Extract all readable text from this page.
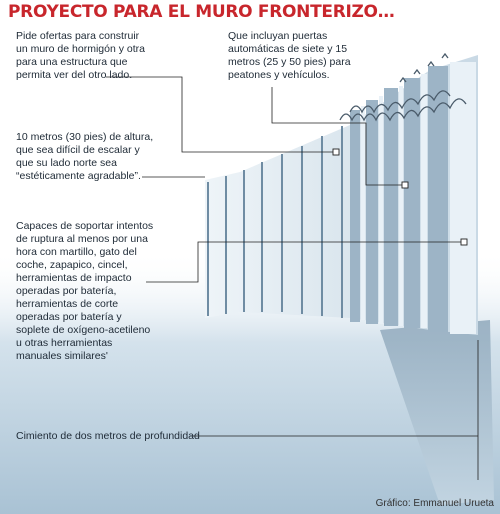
PROYECTO PARA EL MURO FRONTERIZO…

Pide ofertas para construir
un muro de hormigón y otra
para una estructura que
permita ver del otro lado.

Que incluyan puertas
automáticas de siete y 15
metros (25 y 50 pies) para
peatones y vehículos.

10 metros (30 pies) de altura,
que sea difícil de escalar y
que su lado norte sea
“estéticamente agradable”.

Capaces de soportar intentos
de ruptura al menos por una
hora con martillo, gato del
coche, zapapico, cincel,
herramientas de impacto
operadas por batería,
herramientas de corte
operadas por batería y
soplete de oxígeno-acetileno
u otras herramientas
manuales similares'

Cimiento de dos metros de profundidad

Gráfico: Emmanuel Urueta
